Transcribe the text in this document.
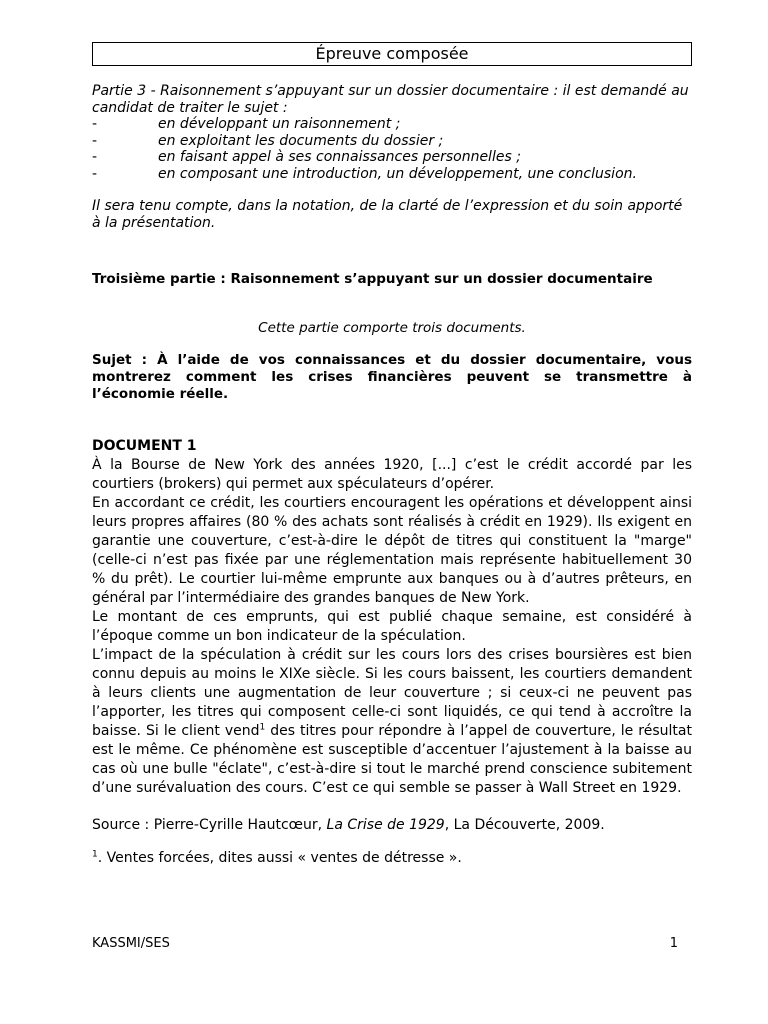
Épreuve composée

Partie 3 - Raisonnement s’appuyant sur un dossier documentaire : il est demandé au candidat de traiter le sujet :

-	en développant un raisonnement ;
-	en exploitant les documents du dossier ;
-	en faisant appel à ses connaissances personnelles ;
-	en composant une introduction, un développement, une conclusion.

Il sera tenu compte, dans la notation, de la clarté de l’expression et du soin apporté à la présentation.

Troisième partie : Raisonnement s’appuyant sur un dossier documentaire
Cette partie comporte trois documents.
Sujet : À l’aide de vos connaissances et du dossier documentaire, vous montrerez comment les crises financières peuvent se transmettre à l’économie réelle.
DOCUMENT 1

À la Bourse de New York des années 1920, [...] c’est le crédit accordé par les courtiers (brokers) qui permet aux spéculateurs d’opérer.

En accordant ce crédit, les courtiers encouragent les opérations et développent ainsi leurs propres affaires (80 % des achats sont réalisés à crédit en 1929). Ils exigent en garantie une couverture, c’est-à-dire le dépôt de titres qui constituent la "marge" (celle-ci n’est pas fixée par une réglementation mais représente habituellement 30 % du prêt). Le courtier lui-même emprunte aux banques ou à d’autres prêteurs, en général par l’intermédiaire des grandes banques de New York.

Le montant de ces emprunts, qui est publié chaque semaine, est considéré à l’époque comme un bon indicateur de la spéculation.

L’impact de la spéculation à crédit sur les cours lors des crises boursières est bien connu depuis au moins le XIXe siècle. Si les cours baissent, les courtiers demandent à leurs clients une augmentation de leur couverture ; si ceux-ci ne peuvent pas l’apporter, les titres qui composent celle-ci sont liquidés, ce qui tend à accroître la baisse. Si le client vend$^1$ des titres pour répondre à l’appel de couverture, le résultat est le même. Ce phénomène est susceptible d’accentuer l’ajustement à la baisse au cas où une bulle "éclate", c’est-à-dire si tout le marché prend conscience subitement d’une surévaluation des cours. C’est ce qui semble se passer à Wall Street en 1929.

Source : Pierre-Cyrille Hautcœur, La Crise de 1929, La Découverte, 2009.
$^1$. Ventes forcées, dites aussi « ventes de détresse ».
KASSMI/SES	1
